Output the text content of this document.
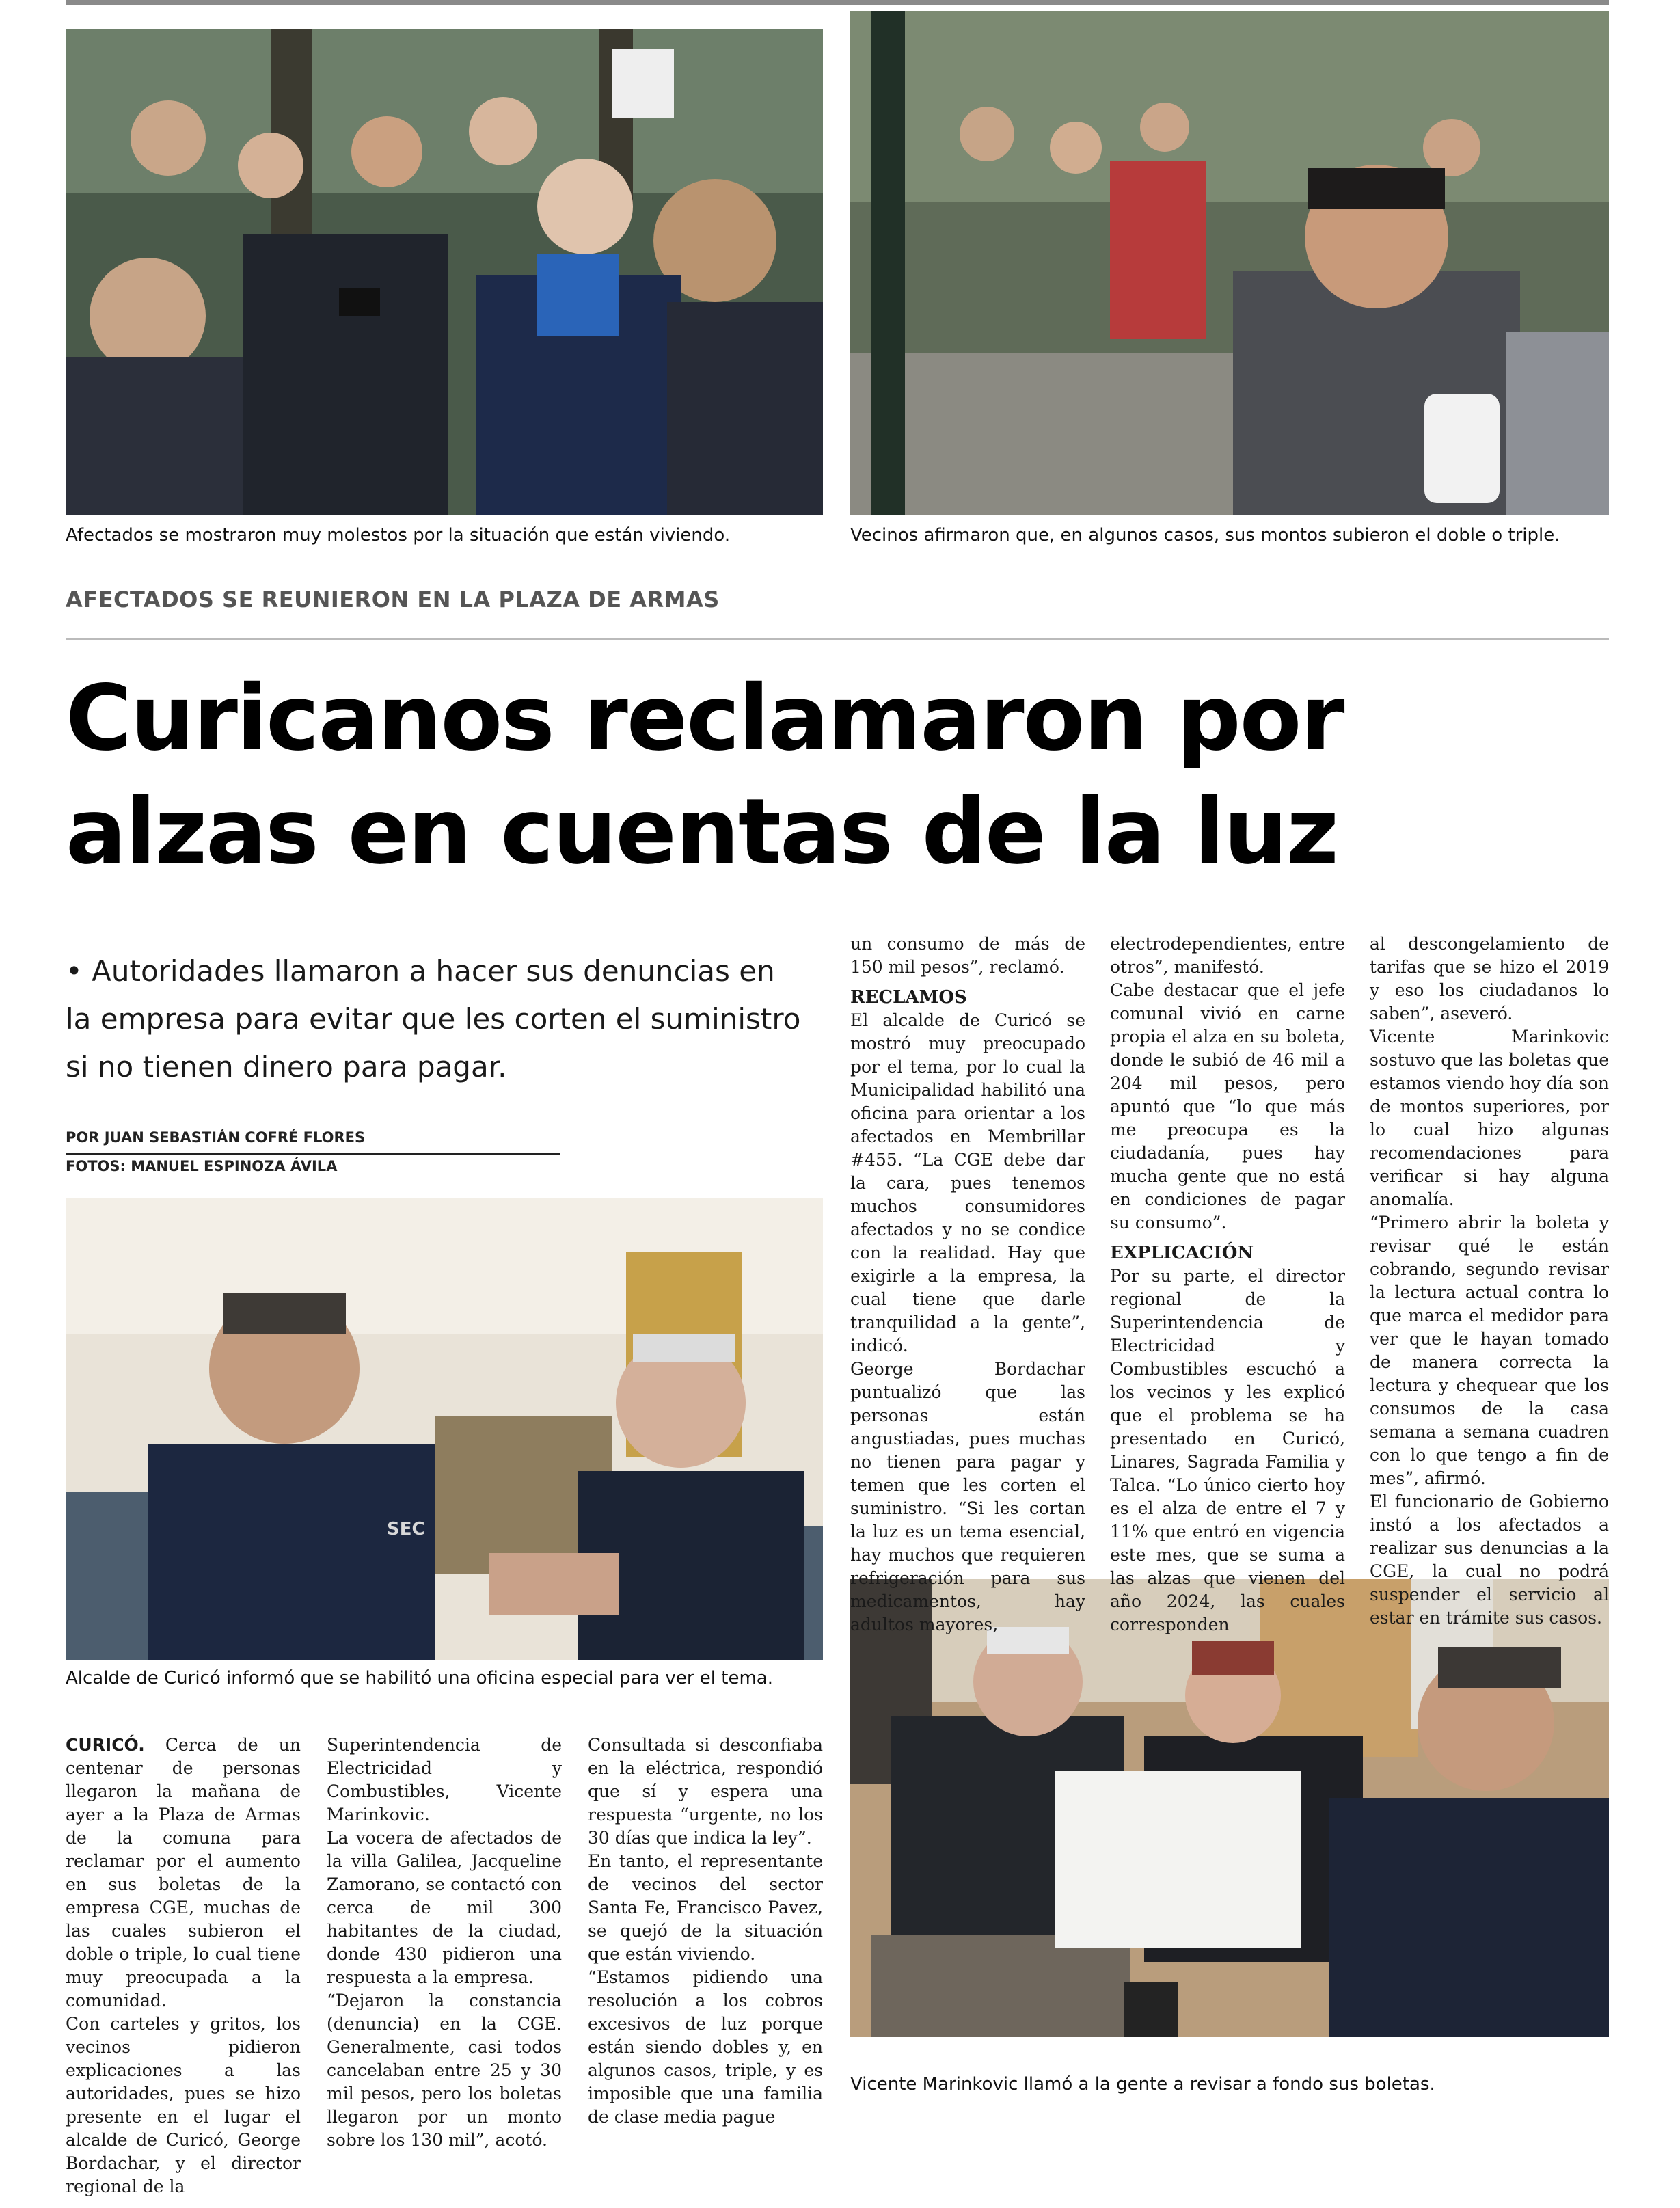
Afectados se mostraron muy molestos por la situación que están viviendo.	Vecinos afirmaron que, en algunos casos, sus montos subieron el doble o triple.
AFECTADOS SE REUNIERON EN LA PLAZA DE ARMAS
Curicanos reclamaron por
alzas en cuentas de la luz
• Autoridades llamaron a hacer sus denuncias en la empresa para evitar que les corten el suministro si no tienen dinero para pagar.
POR JUAN SEBASTIÁN COFRÉ FLORES
FOTOS: MANUEL ESPINOZA ÁVILA
SEC
Alcalde de Curicó informó que se habilitó una oficina especial para ver el tema.
Vicente Marinkovic llamó a la gente a revisar a fondo sus boletas.

un consumo de más de 150 mil pesos”, reclamó.

RECLAMOS

El alcalde de Curicó se mostró muy preocupado por el tema, por lo cual la Municipalidad habilitó una oficina para orientar a los afectados en Membrillar #455. “La CGE debe dar la cara, pues tenemos muchos consumidores afectados y no se condice con la realidad. Hay que exigirle a la empresa, la cual tiene que darle tranquilidad a la gente”, indicó.

George Bordachar puntualizó que las personas están angustiadas, pues muchas no tienen para pagar y temen que les corten el suministro. “Si les cortan la luz es un tema esencial, hay muchos que requieren refrigeración para sus medicamentos, hay adultos mayores,

electrodependientes, entre otros”, manifestó.

Cabe destacar que el jefe comunal vivió en carne propia el alza en su boleta, donde le subió de 46 mil a 204 mil pesos, pero apuntó que “lo que más me preocupa es la ciudadanía, pues hay mucha gente que no está en condiciones de pagar su consumo”.

EXPLICACIÓN

Por su parte, el director regional de la Superintendencia de Electricidad y Combustibles escuchó a los vecinos y les explicó que el problema se ha presentado en Curicó, Linares, Sagrada Familia y Talca. “Lo único cierto hoy es el alza de entre el 7 y 11% que entró en vigencia este mes, que se suma a las alzas que vienen del año 2024, las cuales corresponden

al descongelamiento de tarifas que se hizo el 2019 y eso los ciudadanos lo saben”, aseveró.

Vicente Marinkovic sostuvo que las boletas que estamos viendo hoy día son de montos superiores, por lo cual hizo algunas recomendaciones para verificar si hay alguna anomalía.

“Primero abrir la boleta y revisar qué le están cobrando, segundo revisar la lectura actual contra lo que marca el medidor para ver que le hayan tomado de manera correcta la lectura y chequear que los consumos de la casa semana a semana cuadren con lo que tengo a fin de mes”, afirmó.

El funcionario de Gobierno instó a los afectados a realizar sus denuncias a la CGE, la cual no podrá suspender el servicio al estar en trámite sus casos.

CURICÓ. Cerca de un centenar de personas llegaron la mañana de ayer a la Plaza de Armas de la comuna para reclamar por el aumento en sus boletas de la empresa CGE, muchas de las cuales subieron el doble o triple, lo cual tiene muy preocupada a la comunidad.

Con carteles y gritos, los vecinos pidieron explicaciones a las autoridades, pues se hizo presente en el lugar el alcalde de Curicó, George Bordachar, y el director regional de la

Superintendencia de Electricidad y Combustibles, Vicente Marinkovic.

La vocera de afectados de la villa Galilea, Jacqueline Zamorano, se contactó con cerca de mil 300 habitantes de la ciudad, donde 430 pidieron una respuesta a la empresa.

“Dejaron la constancia (denuncia) en la CGE. Generalmente, casi todos cancelaban entre 25 y 30 mil pesos, pero los boletas llegaron por un monto sobre los 130 mil”, acotó.

Consultada si desconfiaba en la eléctrica, respondió que sí y espera una respuesta “urgente, no los 30 días que indica la ley”.

En tanto, el representante de vecinos del sector Santa Fe, Francisco Pavez, se quejó de la situación que están viviendo.

“Estamos pidiendo una resolución a los cobros excesivos de luz porque están siendo dobles y, en algunos casos, triple, y es imposible que una familia de clase media pague
